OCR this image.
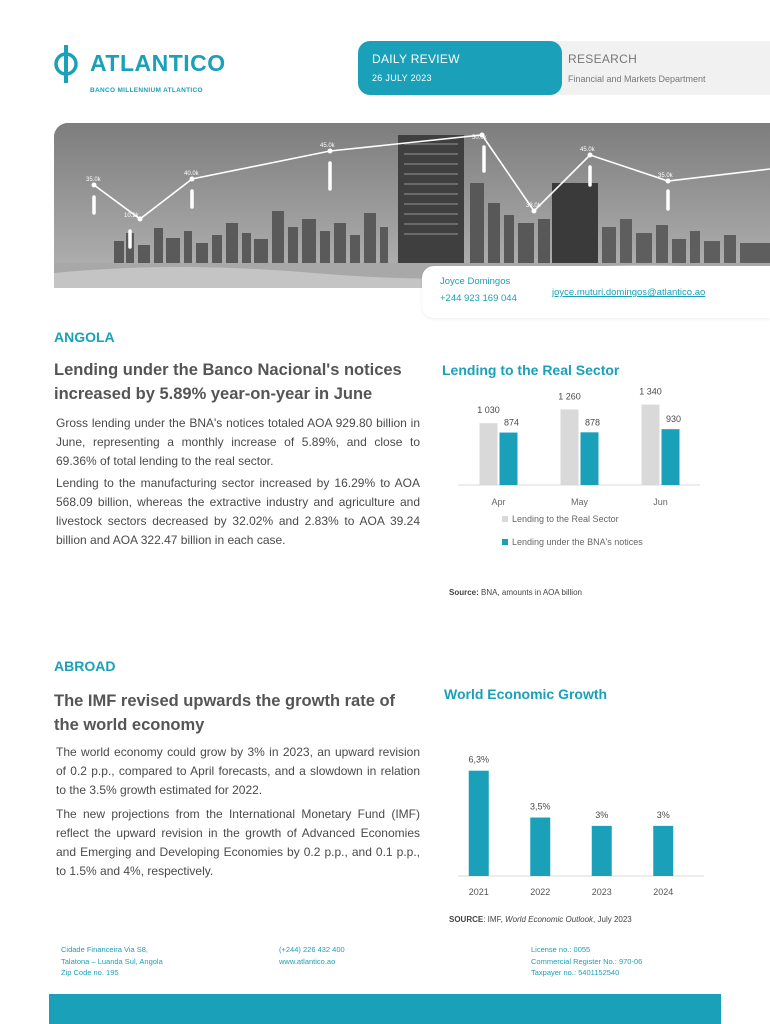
ATLANTICO
BANCO MILLENNIUM ATLANTICO
RESEARCH
Financial and Markets Department
DAILY REVIEW
26 JULY 2023
35.0k
10.2k
40.0k
45.0k
50.0k
33.0k
45.0k
35.0k
Joyce Domingos
+244 923 169 044
joyce.muturi.domingos@atlantico.ao
ANGOLA
Lending under the Banco Nacional's notices increased by 5.89% year-on-year in June
Gross lending under the BNA's notices totaled AOA 929.80 billion in June, representing a monthly increase of 5.89%, and close to 69.36% of total lending to the real sector.
Lending to the manufacturing sector increased by 16.29% to AOA 568.09 billion, whereas the extractive industry and agriculture and livestock sectors decreased by 32.02% and 2.83% to AOA 39.24 billion and AOA 322.47 billion in each case.
Lending to the Real Sector
1 030
874
Apr
1 260
878
May
1 340
930
Jun
Lending to the Real Sector
Lending under the BNA's notices
Source: BNA, amounts in AOA billion
ABROAD
The IMF revised upwards the growth rate of the world economy
The world economy could grow by 3% in 2023, an upward revision of 0.2 p.p., compared to April forecasts, and a slowdown in relation to the 3.5% growth estimated for 2022.
The new projections from the International Monetary Fund (IMF) reflect the upward revision in the growth of Advanced Economies and Emerging and Developing Economies by 0.2 p.p., and 0.1 p.p., to 1.5% and 4%, respectively.
World Economic Growth
6,3%
2021
3,5%
2022
3%
2023
3%
2024
SOURCE: IMF, World Economic Outlook, July 2023
Cidade Financeira Via S8,
Talatona – Luanda Sul, Angola
Zip Code no. 195
(+244) 226 432 400
www.atlantico.ao
License no.: 0055
Commercial Register No.: 970-06
Taxpayer no.: 5401152540
